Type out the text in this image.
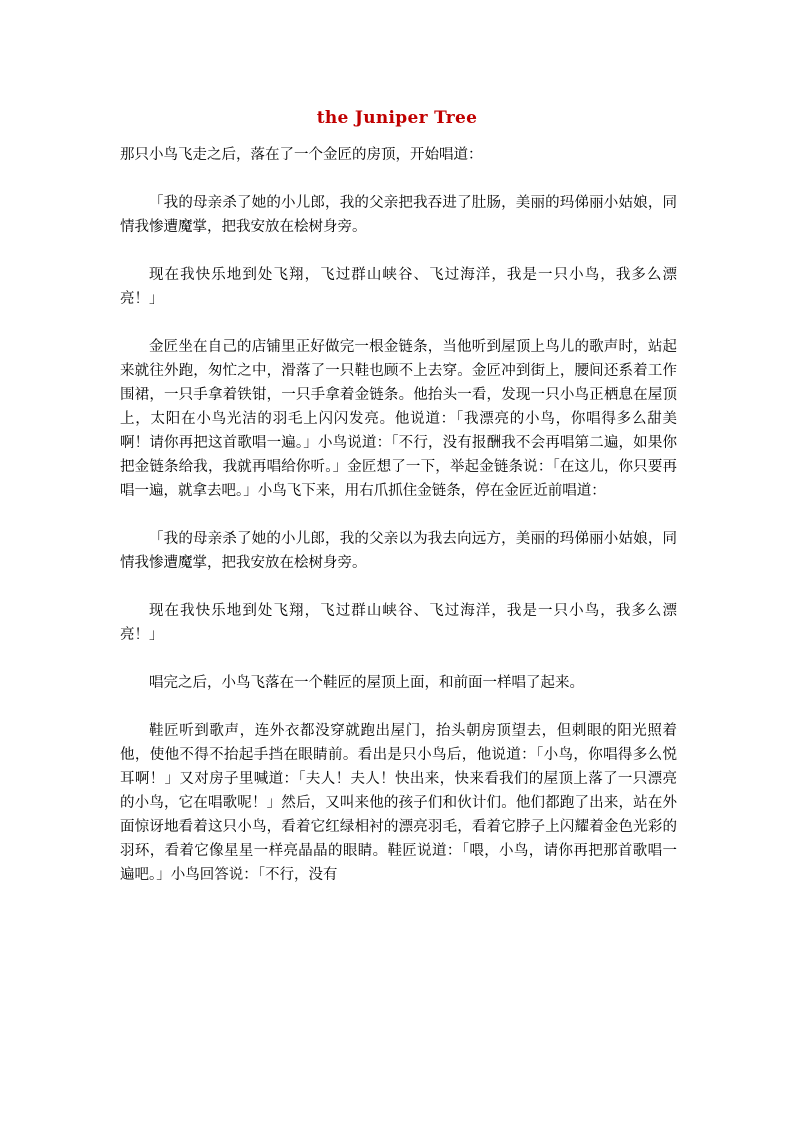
the Juniper Tree

那只小鸟飞走之后，落在了一个金匠的房顶，开始唱道：

「我的母亲杀了她的小儿郎，我的父亲把我吞进了肚肠，美丽的玛俤丽小姑娘，同情我惨遭魔掌，把我安放在桧树身旁。

现在我快乐地到处飞翔，飞过群山峡谷、飞过海洋，我是一只小鸟，我多么漂亮！」

金匠坐在自己的店铺里正好做完一根金链条，当他听到屋顶上鸟儿的歌声时，站起来就往外跑，匆忙之中，滑落了一只鞋也顾不上去穿。金匠冲到街上，腰间还系着工作围裙，一只手拿着铁钳，一只手拿着金链条。他抬头一看，发现一只小鸟正栖息在屋顶上，太阳在小鸟光洁的羽毛上闪闪发亮。他说道：「我漂亮的小鸟，你唱得多么甜美啊！请你再把这首歌唱一遍。」小鸟说道：「不行，没有报酬我不会再唱第二遍，如果你把金链条给我，我就再唱给你听。」金匠想了一下，举起金链条说：「在这儿，你只要再唱一遍，就拿去吧。」小鸟飞下来，用右爪抓住金链条，停在金匠近前唱道：

「我的母亲杀了她的小儿郎，我的父亲以为我去向远方，美丽的玛俤丽小姑娘，同情我惨遭魔掌，把我安放在桧树身旁。

现在我快乐地到处飞翔，飞过群山峡谷、飞过海洋，我是一只小鸟，我多么漂亮！」

唱完之后，小鸟飞落在一个鞋匠的屋顶上面，和前面一样唱了起来。

鞋匠听到歌声，连外衣都没穿就跑出屋门，抬头朝房顶望去，但刺眼的阳光照着他，使他不得不抬起手挡在眼睛前。看出是只小鸟后，他说道：「小鸟，你唱得多么悦耳啊！」又对房子里喊道：「夫人！夫人！快出来，快来看我们的屋顶上落了一只漂亮的小鸟，它在唱歌呢！」然后，又叫来他的孩子们和伙计们。他们都跑了出来，站在外面惊讶地看着这只小鸟，看着它红绿相衬的漂亮羽毛，看着它脖子上闪耀着金色光彩的羽环，看着它像星星一样亮晶晶的眼睛。鞋匠说道：「喂，小鸟，请你再把那首歌唱一遍吧。」小鸟回答说：「不行，没有
